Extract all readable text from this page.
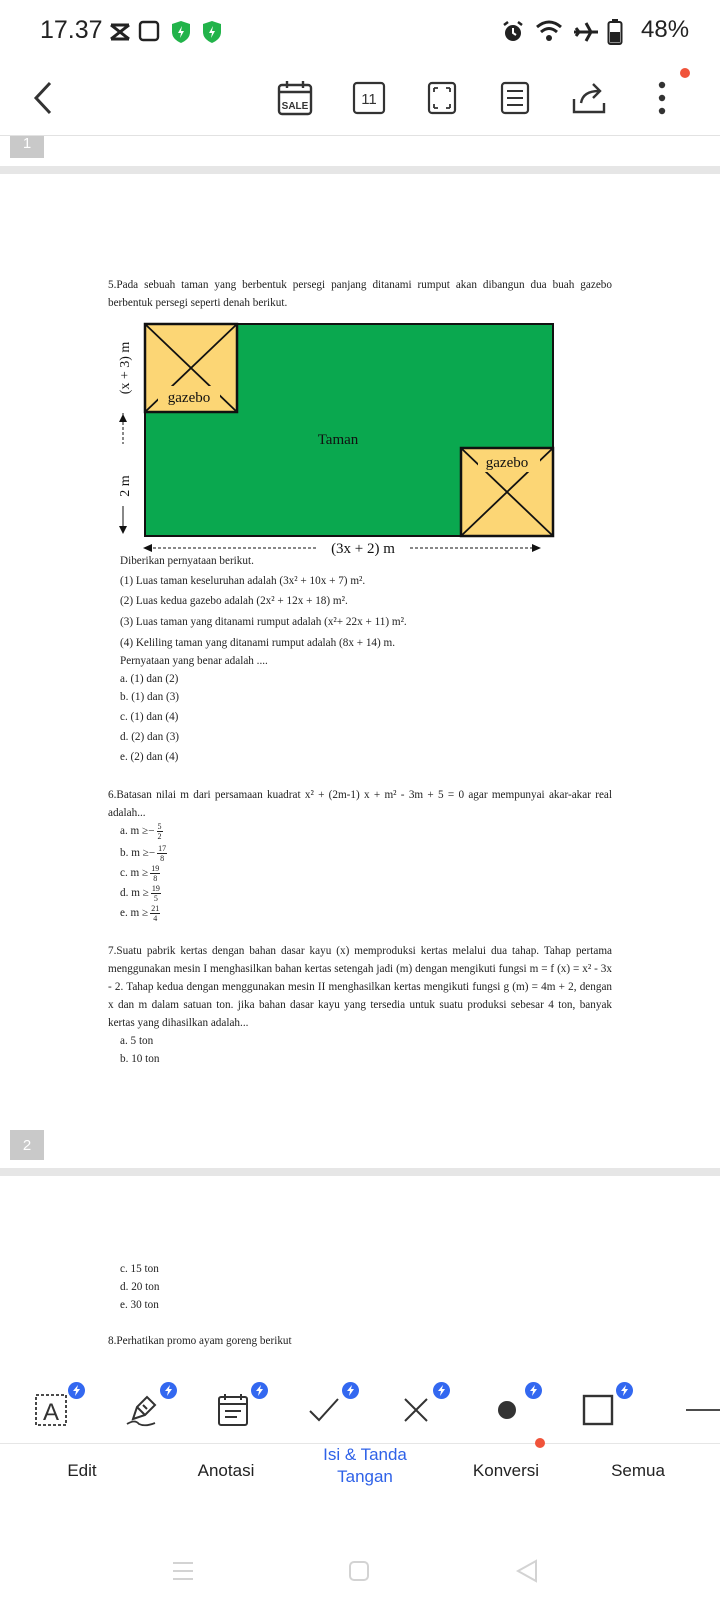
17.37	48%
SALE	11
1
5.Pada sebuah taman yang berbentuk persegi panjang ditanami rumput akan dibangun dua buah gazebo berbentuk persegi seperti denah berikut.
gazebo
gazebo
Taman
(x + 3) m
2 m
(3x + 2) m
Diberikan pernyataan berikut.
(1) Luas taman keseluruhan adalah (3x² + 10x + 7) m².
(2) Luas kedua gazebo adalah (2x² + 12x + 18) m².
(3) Luas taman yang ditanami rumput adalah (x²+ 22x + 11) m².
(4) Keliling taman yang ditanami rumput adalah (8x + 14) m.
Pernyataan yang benar adalah ....
a. (1) dan (2)
b. (1) dan (3)
c. (1) dan (4)
d. (2) dan (3)
e. (2) dan (4)
6.Batasan nilai m dari persamaan kuadrat x² + (2m-1) x + m² - 3m + 5 = 0 agar mempunyai akar-akar real adalah...
a. $m \ge- \frac{5}{2}$
b. $m \ge- \frac{17}{8}$
c. $m \ge \frac{19}{8}$
d. $m \ge \frac{19}{5}$
e. $m \ge \frac{21}{4}$
7.Suatu pabrik kertas dengan bahan dasar kayu (x) memproduksi kertas melalui dua tahap. Tahap pertama menggunakan mesin I menghasilkan bahan kertas setengah jadi (m) dengan mengikuti fungsi m = f (x) = x² - 3x - 2. Tahap kedua dengan menggunakan mesin II menghasilkan kertas mengikuti fungsi g (m) = 4m + 2, dengan x dan m dalam satuan ton. jika bahan dasar kayu yang tersedia untuk suatu produksi sebesar 4 ton, banyak kertas yang dihasilkan adalah...
a. 5 ton
b. 10 ton
2
c. 15 ton
d. 20 ton
e. 30 ton
8.Perhatikan promo ayam goreng berikut
A
Edit	Anotasi
Isi & Tanda Tangan	Konversi	Semua
